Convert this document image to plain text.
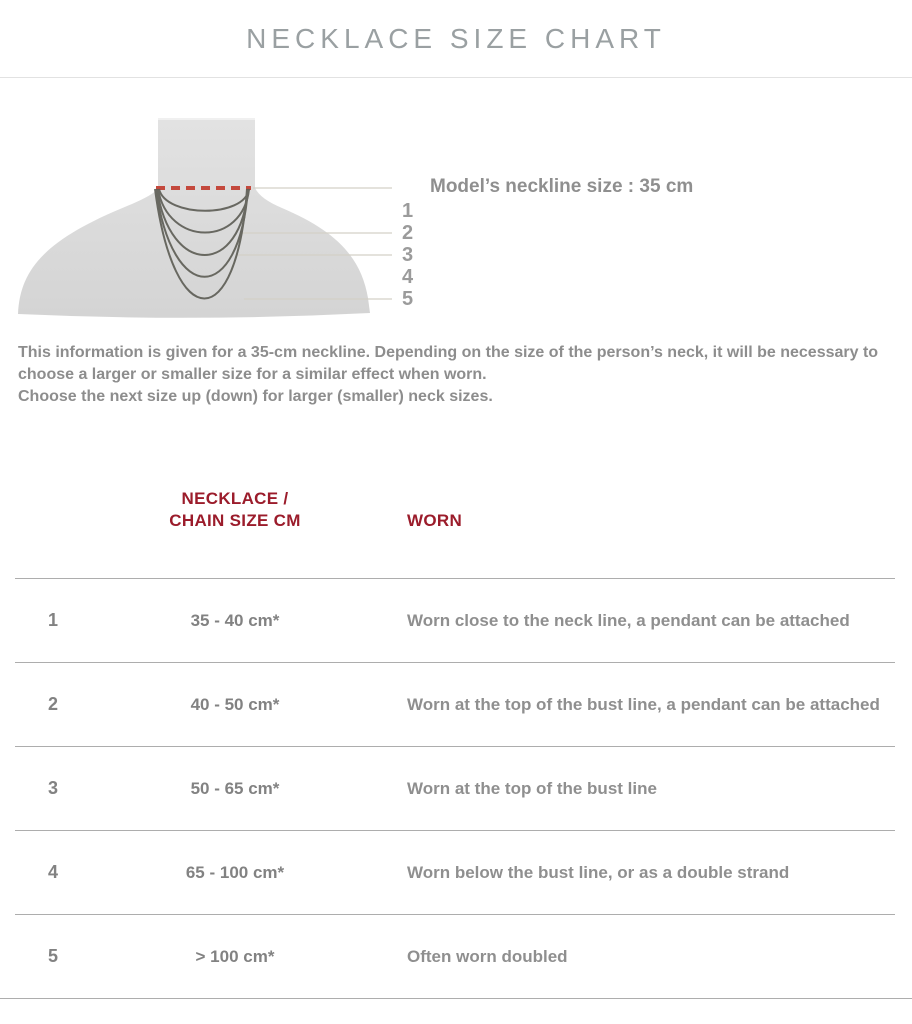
NECKLACE SIZE CHART
Model’s neckline size : 35 cm
1
2
3
4
5
This information is given for a 35-cm neckline. Depending on the size of the person’s neck, it will be necessary to choose a larger or smaller size for a similar effect when worn.
Choose the next size up (down) for larger (smaller) neck sizes.
NECKLACE /
CHAIN SIZE CM	WORN
1	35 - 40 cm*	Worn close to the neck line, a pendant can be attached
2	40 - 50 cm*	Worn at the top of the bust line, a pendant can be attached
3	50 - 65 cm*	Worn at the top of the bust line
4	65 - 100 cm*	Worn below the bust line, or as a double strand
5	> 100 cm*	Often worn doubled
